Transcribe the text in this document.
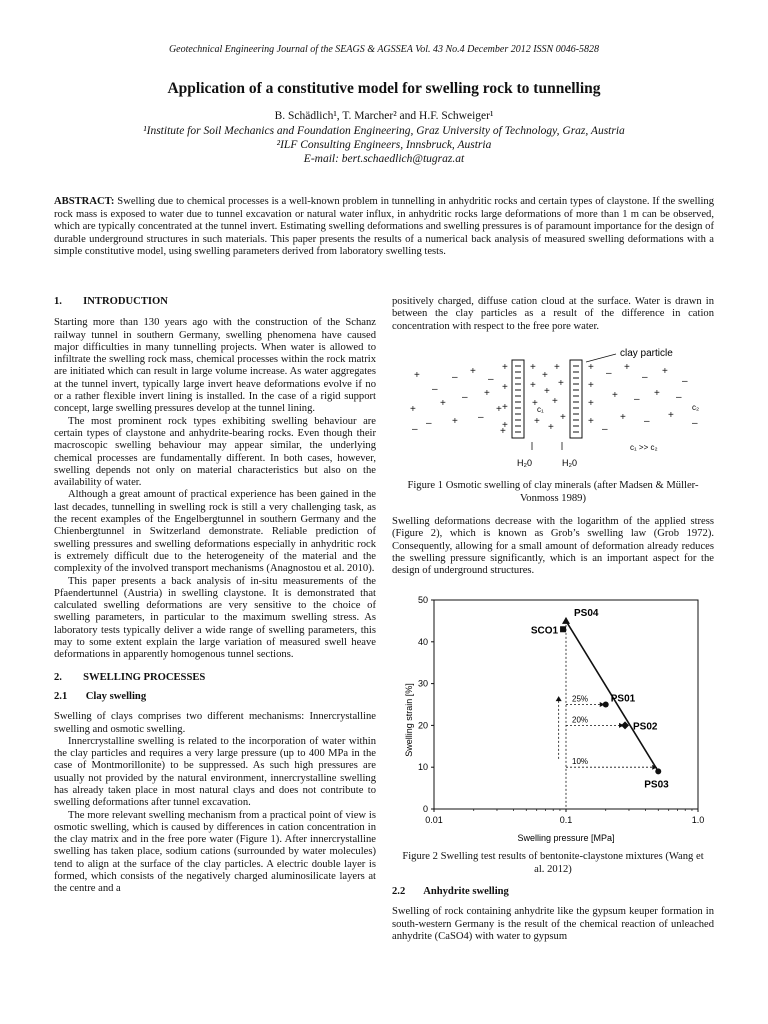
Geotechnical Engineering Journal of the SEAGS & AGSSEA Vol. 43 No.4 December 2012 ISSN 0046-5828
Application of a constitutive model for swelling rock to tunnelling
B. Schädlich¹, T. Marcher² and H.F. Schweiger¹
¹Institute for Soil Mechanics and Foundation Engineering, Graz University of Technology, Graz, Austria
²ILF Consulting Engineers, Innsbruck, Austria
E-mail: bert.schaedlich@tugraz.at
ABSTRACT: Swelling due to chemical processes is a well-known problem in tunnelling in anhydritic rocks and certain types of claystone. If the swelling rock mass is exposed to water due to tunnel excavation or natural water influx, in anhydritic rocks large deformations of more than 1 m can be observed, which are typically concentrated at the tunnel invert. Estimating swelling deformations and swelling pressures is of paramount importance for the design of durable underground structures in such materials. This paper presents the results of a numerical back analysis of measured swelling deformations with a simple constitutive model, using swelling parameters derived from laboratory swelling tests.
1.        INTRODUCTION

Starting more than 130 years ago with the construction of the Schanz railway tunnel in southern Germany, swelling phenomena have caused major difficulties in many tunnelling projects. When water is allowed to infiltrate the swelling rock mass, chemical processes within the rock matrix are initiated which can result in large volume increase. As water aggregates at the tunnel invert, typically large invert heave deformations evolve if no or a rather flexible invert lining is installed. In the case of a rigid support concept, large swelling pressures develop at the tunnel lining.

The most prominent rock types exhibiting swelling behaviour are certain types of claystone and anhydrite-bearing rocks. Even though their macroscopic swelling behaviour may appear similar, the underlying chemical processes are fundamentally different. In both cases, however, swelling depends not only on material characteristics but also on the availability of water.

Although a great amount of practical experience has been gained in the last decades, tunnelling in swelling rock is still a very challenging task, as the recent examples of the Engelbergtunnel in southern Germany and the Chienbergtunnel in Switzerland demonstrate. Reliable prediction of swelling pressures and swelling deformations especially in anhydritic rock is extremely difficult due to the heterogeneity of the material and the complexity of the involved transport mechanisms (Anagnostou et al. 2010).

This paper presents a back analysis of in-situ measurements of the Pfaendertunnel (Austria) in swelling claystone. It is demonstrated that calculated swelling deformations are very sensitive to the choice of swelling parameters, in particular to the maximum swelling stress. As laboratory tests typically deliver a wide range of swelling parameters, this may to some extent explain the large variation of measured swell heave deformations in apparently homogenous tunnel sections.

2.        SWELLING PROCESSES
2.1       Clay swelling

Swelling of clays comprises two different mechanisms: Innercrystalline swelling and osmotic swelling.

Innercrystalline swelling is related to the incorporation of water within the clay particles and requires a very large pressure (up to 400 MPa in the case of Montmorillonite) to be suppressed. As such high pressures are usually not provided by the natural environment, innercrystalline swelling has already taken place in most natural clays and does not contribute to swelling deformations after tunnel excavation.

The more relevant swelling mechanism from a practical point of view is osmotic swelling, which is caused by differences in cation concentration in the clay matrix and in the free pore water (Figure 1). After innercrystalline swelling has taken place, sodium cations (surrounded by water molecules) tend to align at the surface of the clay particles. A electric double layer is formed, which consists of the negatively charged aluminosilicate layers at the centre and a

positively charged, diffuse cation cloud at the surface. Water is drawn in between the clay particles as a result of the difference in cation concentration with respect to the free pore water.

+
–
–
+
–
+
+
– +
– + –
+
–	+
+
+
+
+
+
+
+ +
+
+
+
+
+
+
+
+
+
+
+
–
+
–
+
–
+ –
+ –
+ –
+
–
–
clay particle
c₁	c₂
c₁ >> c₂
H₂0	H₂0
Figure 1 Osmotic swelling of clay minerals (after Madsen & Müller-Vonmoss 1989)

Swelling deformations decrease with the logarithm of the applied stress (Figure 2), which is known as Grob’s swelling law (Grob 1972). Consequently, allowing for a small amount of deformation already reduces the swelling pressure significantly, which is an important aspect for the design of underground structures.

0
10
20
30
40
50
0.01	0.1	1.0
25%
20%
10%
PS04
SCO1
PS01
PS02
PS03
Swelling strain [%]
Swelling pressure [MPa]
Figure 2 Swelling test results of bentonite-claystone mixtures (Wang et al. 2012)
2.2       Anhydrite swelling

Swelling of rock containing anhydrite like the gypsum keuper formation in south-western Germany is the result of the chemical reaction of unleached anhydrite (CaSO4) with water to gypsum
